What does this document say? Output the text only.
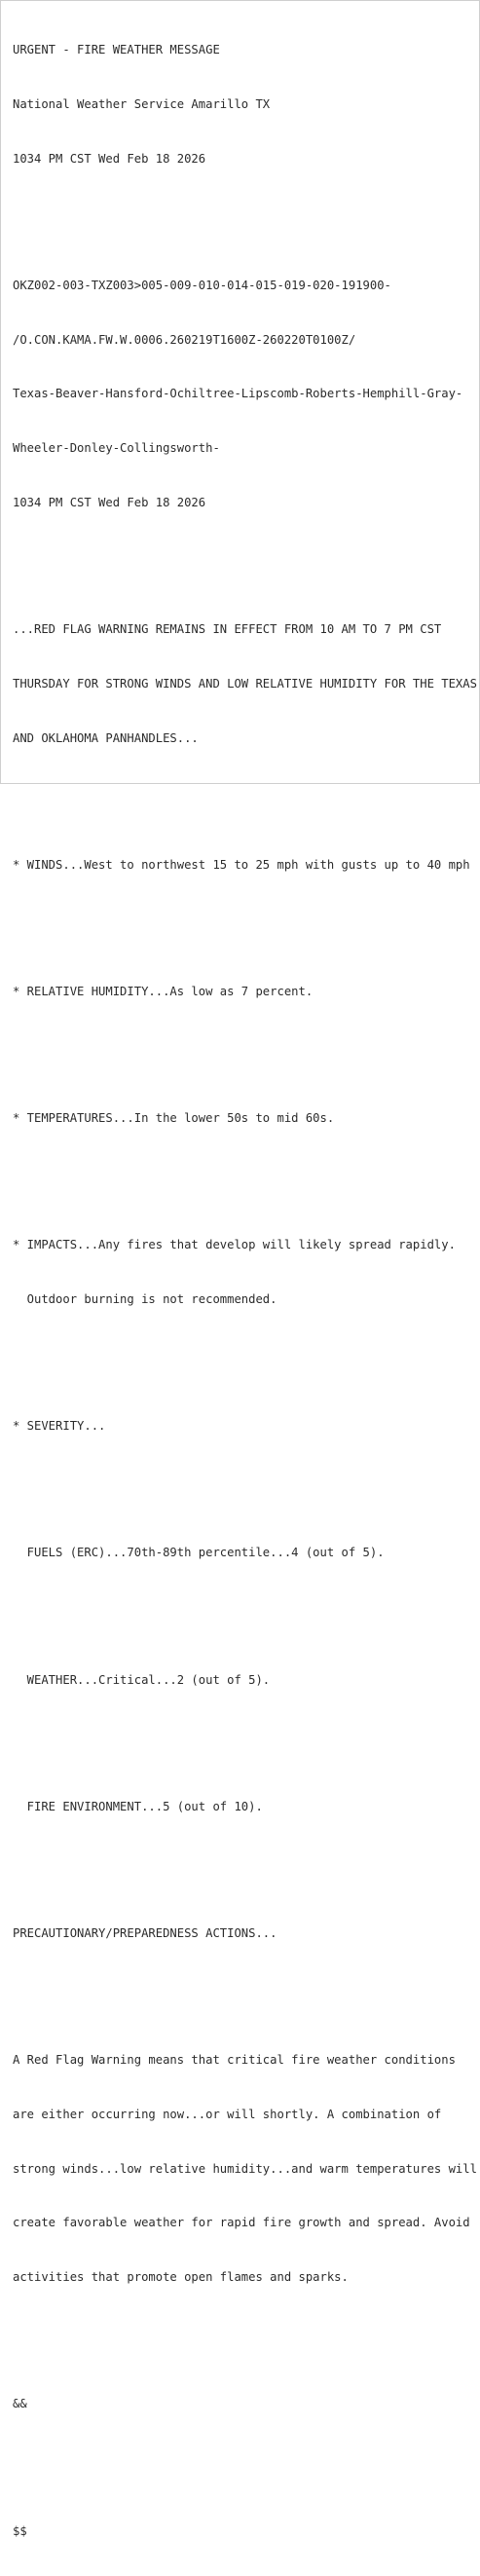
URGENT - FIRE WEATHER MESSAGE

National Weather Service Amarillo TX

1034 PM CST Wed Feb 18 2026

OKZ002-003-TXZ003>005-009-010-014-015-019-020-191900-

/O.CON.KAMA.FW.W.0006.260219T1600Z-260220T0100Z/

Texas-Beaver-Hansford-Ochiltree-Lipscomb-Roberts-Hemphill-Gray-

Wheeler-Donley-Collingsworth-

1034 PM CST Wed Feb 18 2026

...RED FLAG WARNING REMAINS IN EFFECT FROM 10 AM TO 7 PM CST

THURSDAY FOR STRONG WINDS AND LOW RELATIVE HUMIDITY FOR THE TEXAS

AND OKLAHOMA PANHANDLES...

* WINDS...West to northwest 15 to 25 mph with gusts up to 40 mph

* RELATIVE HUMIDITY...As low as 7 percent.

* TEMPERATURES...In the lower 50s to mid 60s.

* IMPACTS...Any fires that develop will likely spread rapidly.

Outdoor burning is not recommended.

* SEVERITY...

FUELS (ERC)...70th-89th percentile...4 (out of 5).

WEATHER...Critical...2 (out of 5).

FIRE ENVIRONMENT...5 (out of 10).

PRECAUTIONARY/PREPAREDNESS ACTIONS...

A Red Flag Warning means that critical fire weather conditions

are either occurring now...or will shortly. A combination of

strong winds...low relative humidity...and warm temperatures will

create favorable weather for rapid fire growth and spread. Avoid

activities that promote open flames and sparks.

&&

$$
